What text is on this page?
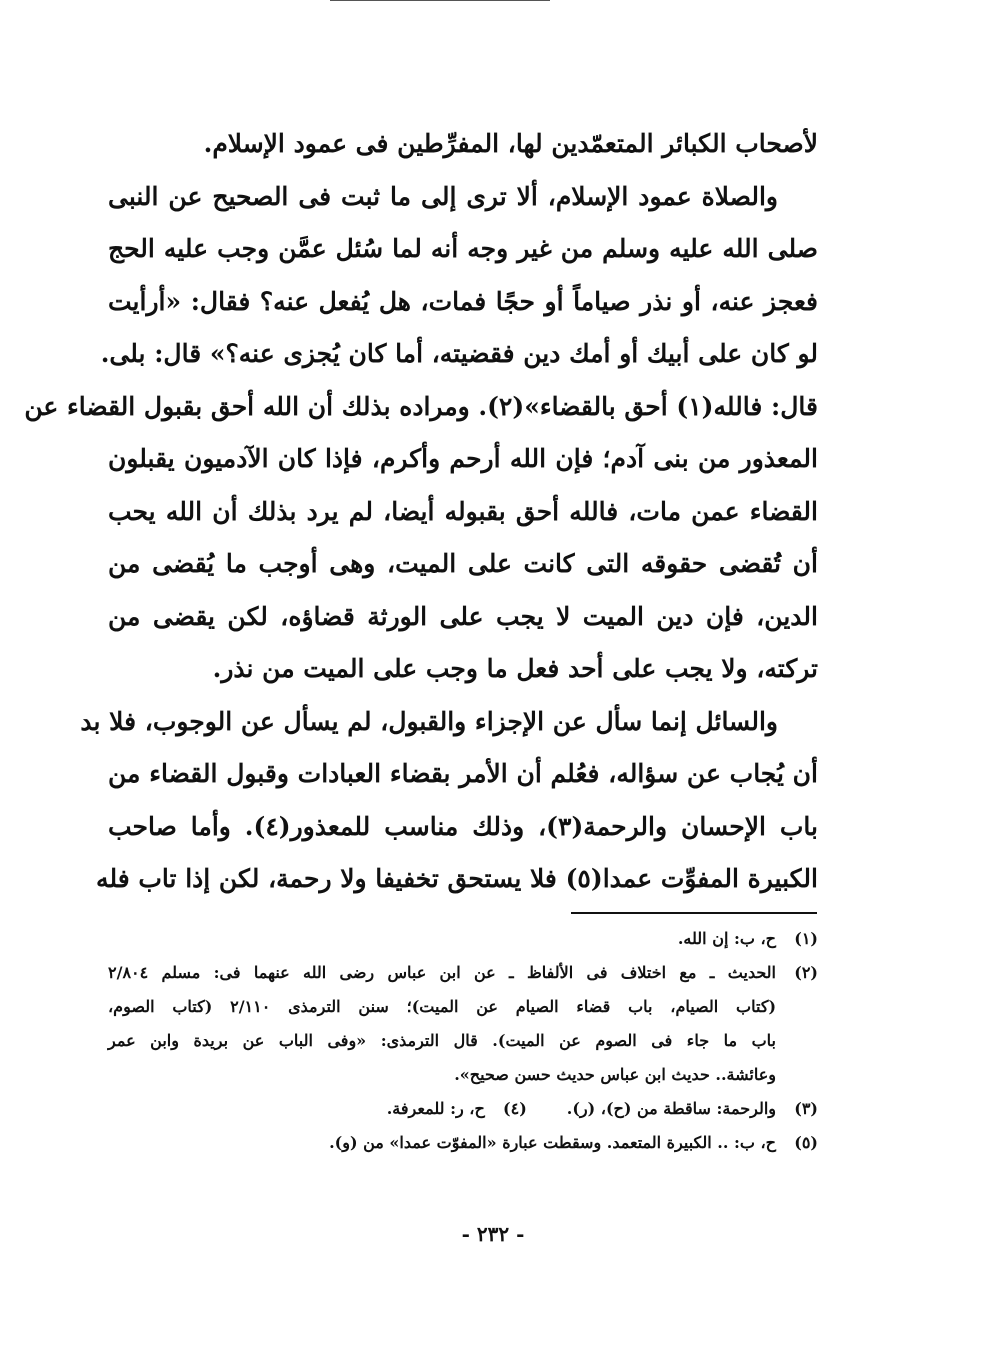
لأصحاب الكبائر المتعمّدين لها، المفرِّطين فى عمود الإسلام.
والصلاة عمود الإسلام، ألا ترى إلى ما ثبت فى الصحيح عن النبى
صلى الله عليه وسلم من غير وجه أنه لما سُئل عمَّن وجب عليه الحج
فعجز عنه، أو نذر صياماً أو حجًا فمات، هل يُفعل عنه؟ فقال: «أرأيت
لو كان على أبيك أو أمك دين فقضيته، أما كان يُجزى عنه؟» قال: بلى.
قال: فالله(١) أحق بالقضاء»(٢). ومراده بذلك أن الله أحق بقبول القضاء عن
المعذور من بنى آدم؛ فإن الله أرحم وأكرم، فإذا كان الآدميون يقبلون
القضاء عمن مات، فالله أحق بقبوله أيضا، لم يرد بذلك أن الله يحب
أن تُقضى حقوقه التى كانت على الميت، وهى أوجب ما يُقضى من
الدين، فإن دين الميت لا يجب على الورثة قضاؤه، لكن يقضى من
تركته، ولا يجب على أحد فعل ما وجب على الميت من نذر.
والسائل إنما سأل عن الإجزاء والقبول، لم يسأل عن الوجوب، فلا بد
أن يُجاب عن سؤاله، فعُلم أن الأمر بقضاء العبادات وقبول القضاء من
باب الإحسان والرحمة(٣)، وذلك مناسب للمعذور(٤). وأما صاحب
الكبيرة المفوِّت عمدا(٥) فلا يستحق تخفيفا ولا رحمة، لكن إذا تاب فله
(١)
ح، ب: إن الله.
(٢)
الحديث ـ مع اختلاف فى الألفاظ ـ عن ابن عباس رضى الله عنهما فى: مسلم ٢/٨٠٤
(كتاب الصيام، باب قضاء الصيام عن الميت)؛ سنن الترمذى ٢/١١٠ (كتاب الصوم،
باب ما جاء فى الصوم عن الميت). قال الترمذى: «وفى الباب عن بريدة وابن عمر
وعائشة.. حديث ابن عباس حديث حسن صحيح».
(٣)
والرحمة: ساقطة من (ح)، (ر).
(٤)
ح، ر: للمعرفة.
(٥)
ح، ب: .. الكبيرة المتعمد. وسقطت عبارة «المفوّت عمدا» من (و).
- ٢٣٢ -
